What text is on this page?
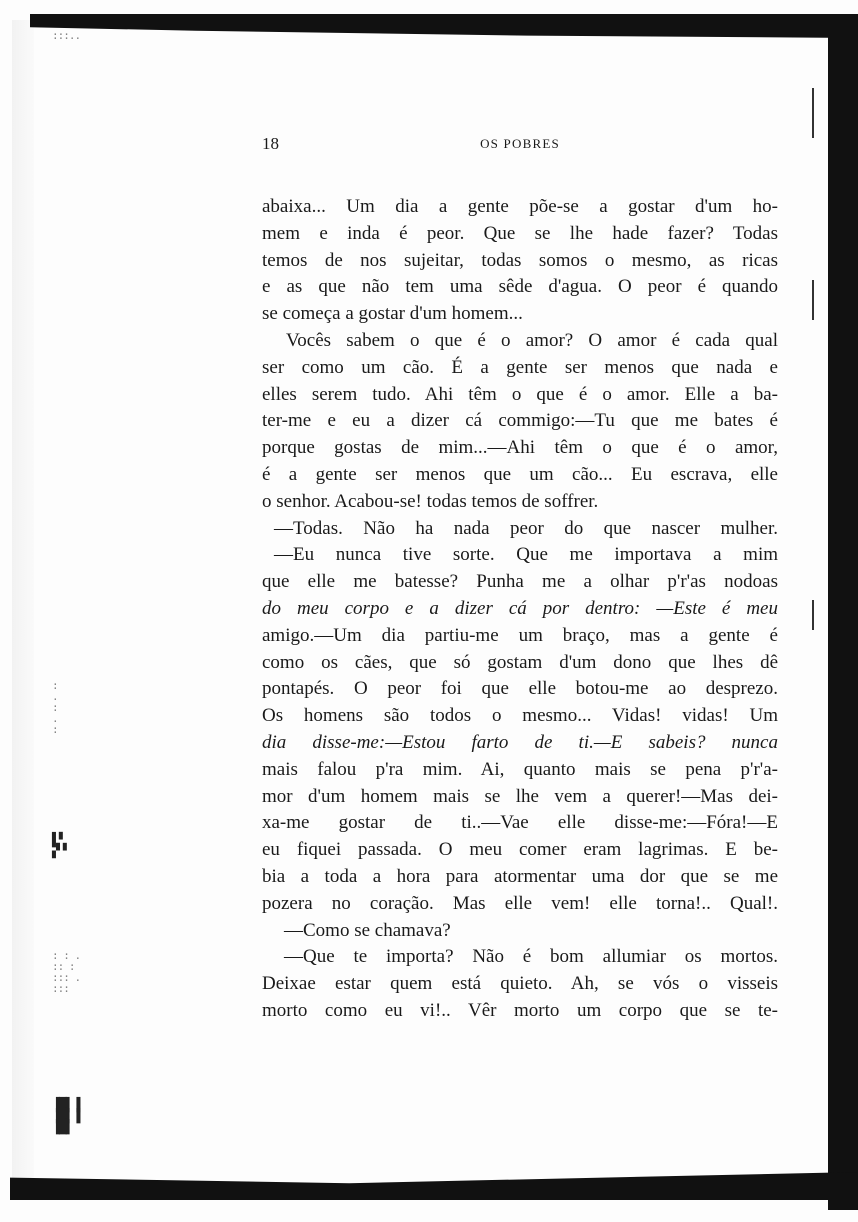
:::..
:
.
:
.
:
▌▘
▞▝
: : .
:: :
::: .
:::
▐█▌▐
▐█▌▐
▐█▌
18	OS POBRES
abaixa... Um dia a gente põe-se a gostar d'um ho-
mem e inda é peor. Que se lhe hade fazer? Todas
temos de nos sujeitar, todas somos o mesmo, as ricas
e as que não tem uma sêde d'agua. O peor é quando
se começa a gostar d'um homem...
Vocês sabem o que é o amor? O amor é cada qual
ser como um cão. É a gente ser menos que nada e
elles serem tudo. Ahi têm o que é o amor. Elle a ba-
ter-me e eu a dizer cá commigo:—Tu que me bates é
porque gostas de mim...—Ahi têm o que é o amor,
é a gente ser menos que um cão... Eu escrava, elle
o senhor. Acabou-se! todas temos de soffrer.
—Todas. Não ha nada peor do que nascer mulher.
—Eu nunca tive sorte. Que me importava a mim
que elle me batesse? Punha me a olhar p'r'as nodoas
do meu corpo e a dizer cá por dentro: —Este é meu
amigo.—Um dia partiu-me um braço, mas a gente é
como os cães, que só gostam d'um dono que lhes dê
pontapés. O peor foi que elle botou-me ao desprezo.
Os homens são todos o mesmo... Vidas! vidas! Um
dia disse-me:—Estou farto de ti.—E sabeis? nunca
mais falou p'ra mim. Ai, quanto mais se pena p'r'a-
mor d'um homem mais se lhe vem a querer!—Mas dei-
xa-me gostar de ti..—Vae elle disse-me:—Fóra!—E
eu fiquei passada. O meu comer eram lagrimas. E be-
bia a toda a hora para atormentar uma dor que se me
pozera no coração. Mas elle vem! elle torna!.. Qual!.
—Como se chamava?
—Que te importa? Não é bom allumiar os mortos.
Deixae estar quem está quieto. Ah, se vós o visseis
morto como eu vi!.. Vêr morto um corpo que se te-
